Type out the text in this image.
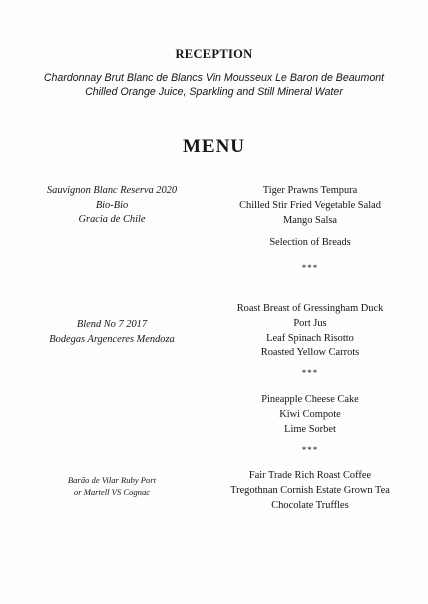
RECEPTION
Chardonnay Brut Blanc de Blancs Vin Mousseux Le Baron de Beaumont
Chilled Orange Juice, Sparkling and Still Mineral Water
MENU
Sauvignon Blanc Reserva 2020
Bio-Bio
Gracia de Chile
Blend No 7 2017
Bodegas Argenceres Mendoza
Barão de Vilar Ruby Port
or Martell VS Cognac
Tiger Prawns Tempura
Chilled Stir Fried Vegetable Salad
Mango Salsa
Selection of Breads
***
Roast Breast of Gressingham Duck
Port Jus
Leaf Spinach Risotto
Roasted Yellow Carrots
***
Pineapple Cheese Cake
Kiwi Compote
Lime Sorbet
***
Fair Trade Rich Roast Coffee
Tregothnan Cornish Estate Grown Tea
Chocolate Truffles
